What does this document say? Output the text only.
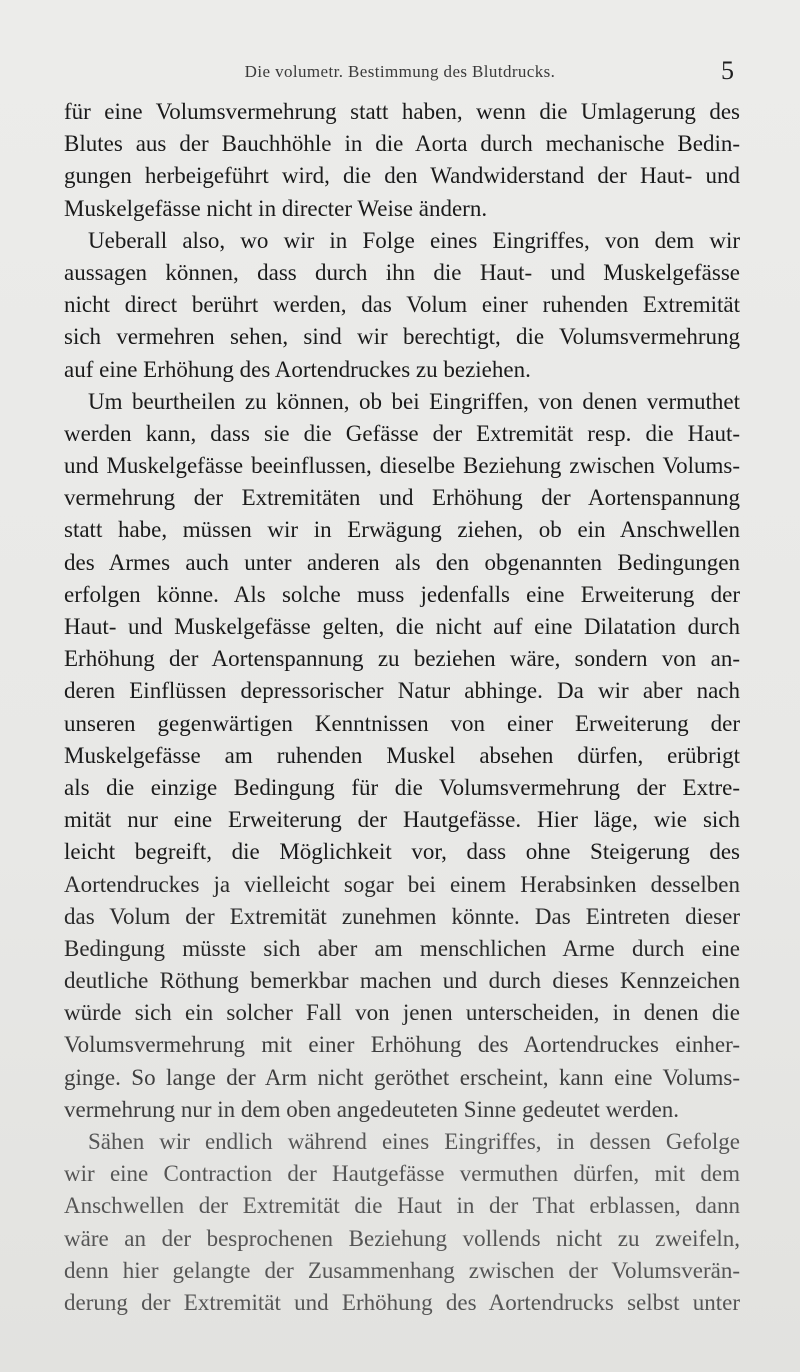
Die volumetr. Bestimmung des Blutdrucks.	5
für eine Volumsvermehrung statt haben, wenn die Umlagerung des
Blutes aus der Bauchhöhle in die Aorta durch mechanische Bedin-
gungen herbeigeführt wird, die den Wandwiderstand der Haut- und
Muskelgefässe nicht in directer Weise ändern.
Ueberall also, wo wir in Folge eines Eingriffes, von dem wir
aussagen können, dass durch ihn die Haut- und Muskelgefässe
nicht direct berührt werden, das Volum einer ruhenden Extremität
sich vermehren sehen, sind wir berechtigt, die Volumsvermehrung
auf eine Erhöhung des Aortendruckes zu beziehen.
Um beurtheilen zu können, ob bei Eingriffen, von denen vermuthet
werden kann, dass sie die Gefässe der Extremität resp. die Haut-
und Muskelgefässe beeinflussen, dieselbe Beziehung zwischen Volums-
vermehrung der Extremitäten und Erhöhung der Aortenspannung
statt habe, müssen wir in Erwägung ziehen, ob ein Anschwellen
des Armes auch unter anderen als den obgenannten Bedingungen
erfolgen könne. Als solche muss jedenfalls eine Erweiterung der
Haut- und Muskelgefässe gelten, die nicht auf eine Dilatation durch
Erhöhung der Aortenspannung zu beziehen wäre, sondern von an-
deren Einflüssen depressorischer Natur abhinge. Da wir aber nach
unseren gegenwärtigen Kenntnissen von einer Erweiterung der
Muskelgefässe am ruhenden Muskel absehen dürfen, erübrigt
als die einzige Bedingung für die Volumsvermehrung der Extre-
mität nur eine Erweiterung der Hautgefässe. Hier läge, wie sich
leicht begreift, die Möglichkeit vor, dass ohne Steigerung des
Aortendruckes ja vielleicht sogar bei einem Herabsinken desselben
das Volum der Extremität zunehmen könnte. Das Eintreten dieser
Bedingung müsste sich aber am menschlichen Arme durch eine
deutliche Röthung bemerkbar machen und durch dieses Kennzeichen
würde sich ein solcher Fall von jenen unterscheiden, in denen die
Volumsvermehrung mit einer Erhöhung des Aortendruckes einher-
ginge. So lange der Arm nicht geröthet erscheint, kann eine Volums-
vermehrung nur in dem oben angedeuteten Sinne gedeutet werden.
Sähen wir endlich während eines Eingriffes, in dessen Gefolge
wir eine Contraction der Hautgefässe vermuthen dürfen, mit dem
Anschwellen der Extremität die Haut in der That erblassen, dann
wäre an der besprochenen Beziehung vollends nicht zu zweifeln,
denn hier gelangte der Zusammenhang zwischen der Volumsverän-
derung der Extremität und Erhöhung des Aortendrucks selbst unter
